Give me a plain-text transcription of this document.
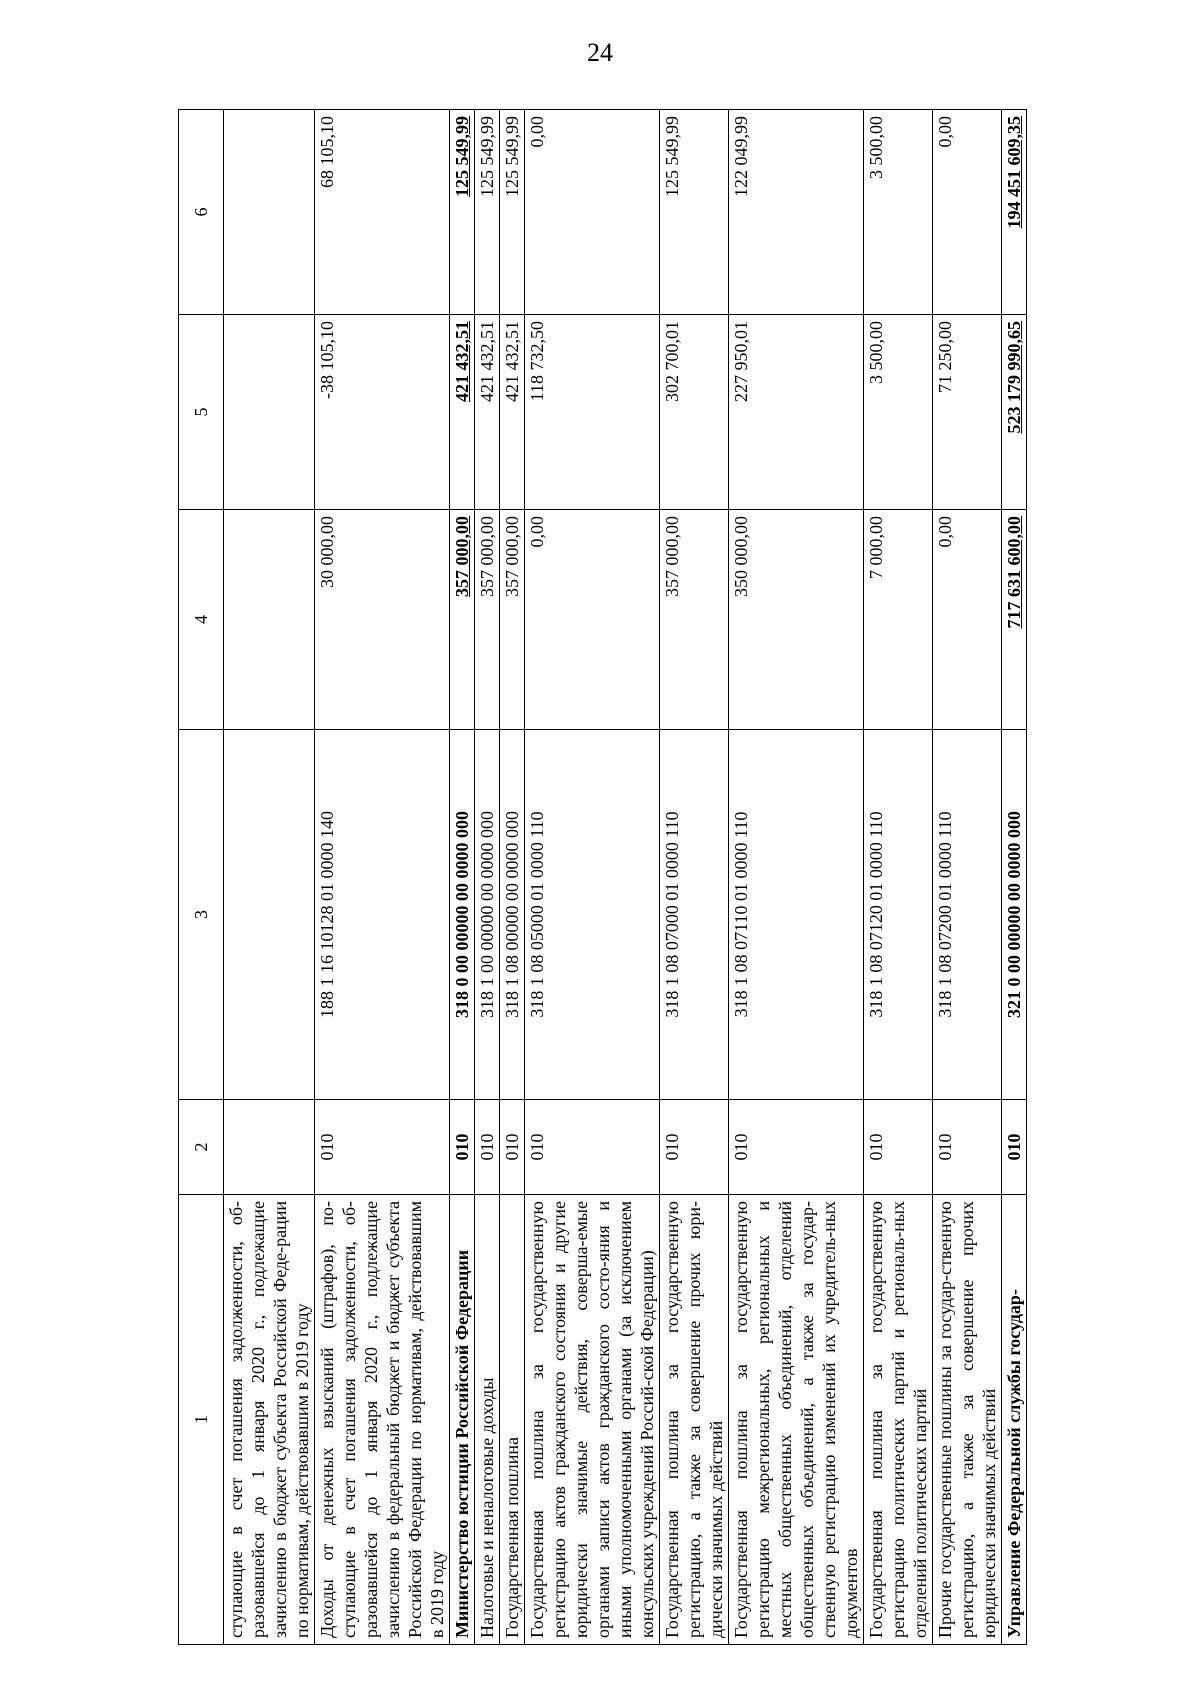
24
1	2	3	4	5	6
ступающие в счет погашения задолженности, об-разовавшейся до 1 января 2020 г., подлежащие зачислению в бюджет субъекта Российской Феде-рации по нормативам, действовавшим в 2019 году					
Доходы от денежных взысканий (штрафов), по-ступающие в счет погашения задолженности, об-разовавшейся до 1 января 2020 г., подлежащие зачислению в федеральный бюджет и бюджет субъекта Российской Федерации по нормативам, действовавшим в 2019 году	010	188 1 16 10128 01 0000 140	30 000,00	-38 105,10	68 105,10
Министерство юстиции Российской Федерации	010	318 0 00 00000 00 0000 000	357 000,00	421 432,51	125 549,99
Налоговые и неналоговые доходы	010	318 1 00 00000 00 0000 000	357 000,00	421 432,51	125 549,99
Государственная пошлина	010	318 1 08 00000 00 0000 000	357 000,00	421 432,51	125 549,99
Государственная пошлина за государственную регистрацию актов гражданского состояния и другие юридически значимые действия, соверша-емые органами записи актов гражданского состо-яния и иными уполномоченными органами (за исключением консульских учреждений Россий-ской Федерации)	010	318 1 08 05000 01 0000 110	0,00	118 732,50	0,00
Государственная пошлина за государственную регистрацию, а также за совершение прочих юри-дически значимых действий	010	318 1 08 07000 01 0000 110	357 000,00	302 700,01	125 549,99
Государственная пошлина за государственную регистрацию межрегиональных, региональных и местных общественных объединений, отделений общественных объединений, а также за государ-ственную регистрацию изменений их учредитель-ных документов	010	318 1 08 07110 01 0000 110	350 000,00	227 950,01	122 049,99
Государственная пошлина за государственную регистрацию политических партий и региональ-ных отделений политических партий	010	318 1 08 07120 01 0000 110	7 000,00	3 500,00	3 500,00
Прочие государственные пошлины за государ-ственную регистрацию, а также за совершение прочих юридически значимых действий	010	318 1 08 07200 01 0000 110	0,00	71 250,00	0,00
Управление Федеральной службы государ-	010	321 0 00 00000 00 0000 000	717 631 600,00	523 179 990,65	194 451 609,35
